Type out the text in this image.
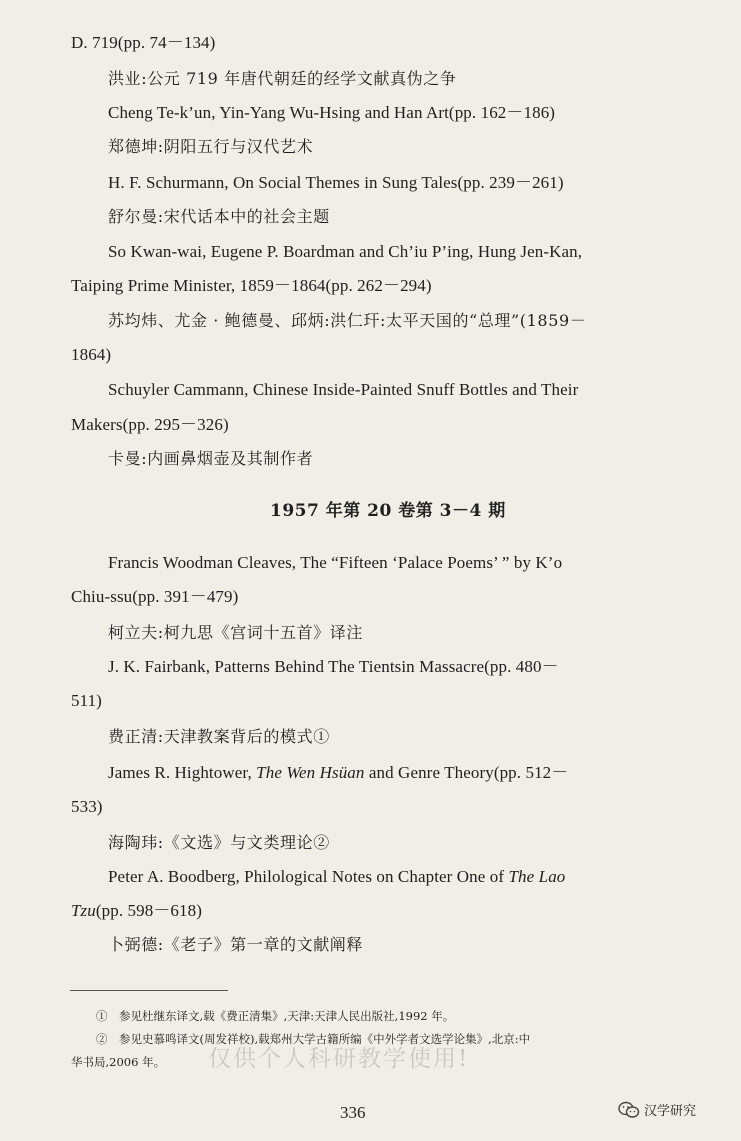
D. 719(pp. 74－134)
洪业:公元 719 年唐代朝廷的经学文献真伪之争
Cheng Te-k’un, Yin-Yang Wu-Hsing and Han Art(pp. 162－186)
郑德坤:阴阳五行与汉代艺术
H. F. Schurmann, On Social Themes in Sung Tales(pp. 239－261)
舒尔曼:宋代话本中的社会主题
So Kwan-wai, Eugene P. Boardman and Ch’iu P’ing, Hung Jen-Kan,
Taiping Prime Minister, 1859－1864(pp. 262－294)
苏均炜、尤金 · 鲍德曼、邱炳:洪仁玕:太平天国的“总理”(1859－
1864)
Schuyler Cammann, Chinese Inside-Painted Snuff Bottles and Their
Makers(pp. 295－326)
卡曼:内画鼻烟壶及其制作者
1957 年第 20 卷第 3－4 期
Francis Woodman Cleaves, The “Fifteen ‘Palace Poems’ ” by K’o
Chiu-ssu(pp. 391－479)
柯立夫:柯九思《宫词十五首》译注
J. K. Fairbank, Patterns Behind The Tientsin Massacre(pp. 480－
511)
费正清:天津教案背后的模式①
James R. Hightower, The Wen Hsüan and Genre Theory(pp. 512－
533)
海陶玮:《文选》与文类理论②
Peter A. Boodberg, Philological Notes on Chapter One of The Lao
Tzu(pp. 598－618)
卜弼德:《老子》第一章的文献阐释
①　参见杜继东译文,载《费正清集》,天津:天津人民出版社,1992 年。
②　参见史慕鸣译文(周发祥校),载郑州大学古籍所编《中外学者文选学论集》,北京:中
华书局,2006 年。 仅供个人科研教学使用!
336	汉学研究
